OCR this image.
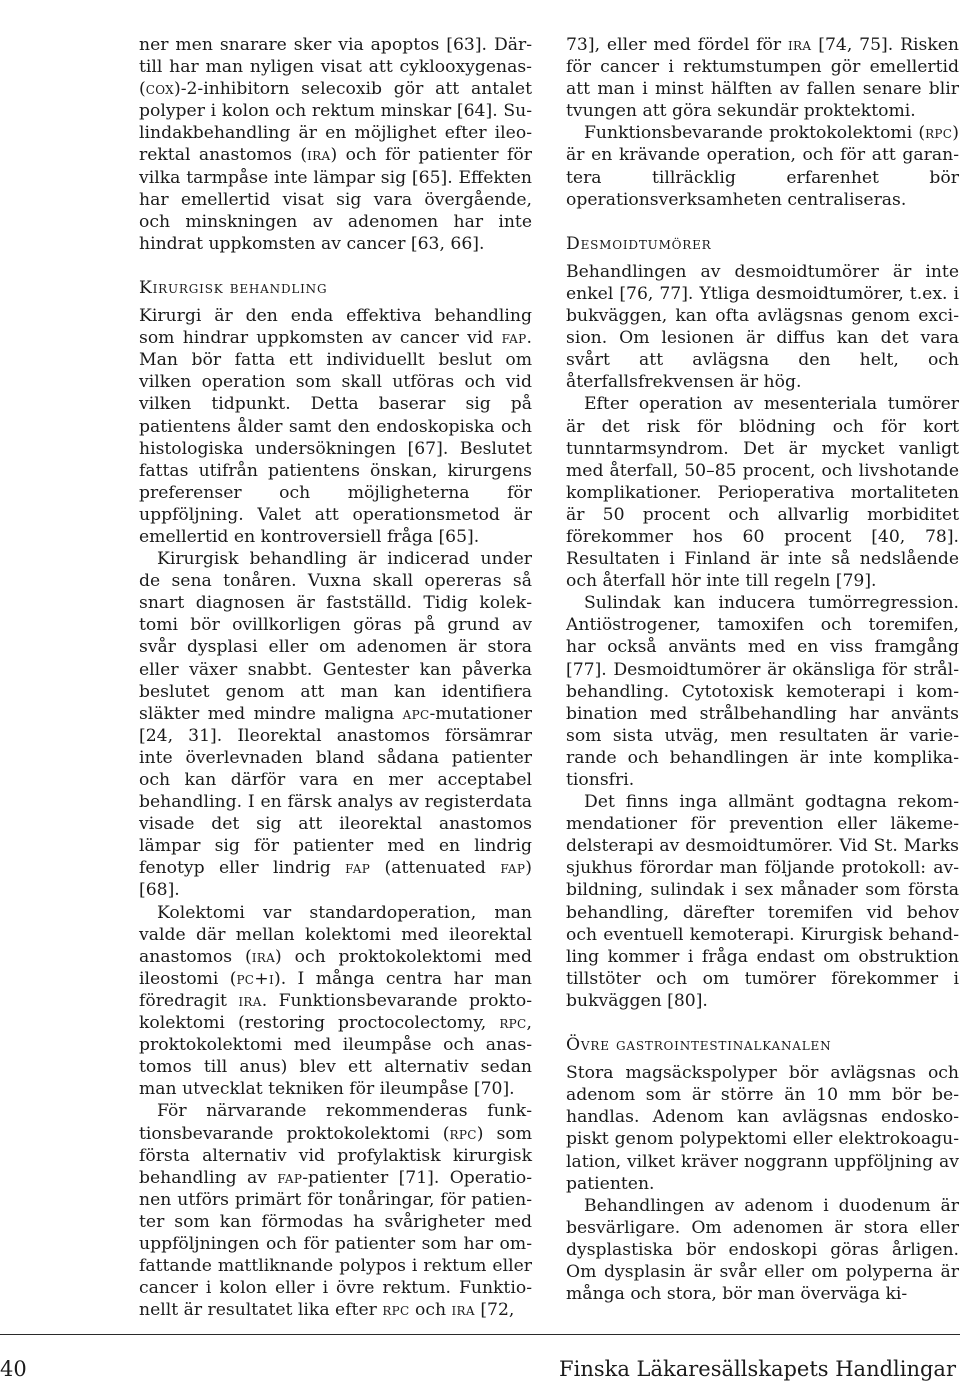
ner men snarare sker via apoptos [63]. Därtill har man nyligen visat att cyklooxygenas-(cox)-2-inhibitorn selecoxib gör att antalet polyper i kolon och rektum minskar [64]. Sulindakbehandling är en möjlighet efter ileorektal anastomos (ira) och för patienter för vilka tarmpåse inte lämpar sig [65]. Effekten har emellertid visat sig vara övergående, och minskningen av adenomen har inte hindrat uppkomsten av cancer [63, 66].

Kirurgisk behandling

Kirurgi är den enda effektiva behandling som hindrar uppkomsten av cancer vid fap. Man bör fatta ett individuellt beslut om vilken operation som skall utföras och vid vilken tidpunkt. Detta baserar sig på patientens ålder samt den endoskopiska och histologiska undersökningen [67]. Beslutet fattas utifrån patientens önskan, kirurgens preferenser och möjligheterna för uppföljning. Valet att operationsmetod är emellertid en kontroversiell fråga [65].

Kirurgisk behandling är indicerad under de sena tonåren. Vuxna skall opereras så snart diagnosen är fastställd. Tidig kolektomi bör ovillkorligen göras på grund av svår dysplasi eller om adenomen är stora eller växer snabbt. Gentester kan påverka beslutet genom att man kan identifiera släkter med mindre maligna apc-mutationer [24, 31]. Ileorektal anastomos försämrar inte överlevnaden bland sådana patienter och kan därför vara en mer acceptabel behandling. I en färsk analys av registerdata visade det sig att ileorektal anastomos lämpar sig för patienter med en lindrig fenotyp eller lindrig fap (attenuated fap) [68].

Kolektomi var standardoperation, man valde där mellan kolektomi med ileorektal anastomos (ira) och proktokolektomi med ileostomi (pc+i). I många centra har man föredragit ira. Funktionsbevarande proktokolektomi (restoring proctocolectomy, rpc, proktokolektomi med ileumpåse och anastomos till anus) blev ett alternativ sedan man utvecklat tekniken för ileumpåse [70].

För närvarande rekommenderas funktionsbevarande proktokolektomi (rpc) som första alternativ vid profylaktisk kirurgisk behandling av fap-patienter [71]. Operationen utförs primärt för tonåringar, för patienter som kan förmodas ha svårigheter med uppföljningen och för patienter som har omfattande mattliknande polypos i rektum eller cancer i kolon eller i övre rektum. Funktionellt är resultatet lika efter rpc och ira [72,

73], eller med fördel för ira [74, 75]. Risken för cancer i rektumstumpen gör emellertid att man i minst hälften av fallen senare blir tvungen att göra sekundär proktektomi.

Funktionsbevarande proktokolektomi (rpc) är en krävande operation, och för att garantera tillräcklig erfarenhet bör operationsverksamheten centraliseras.

Desmoidtumörer

Behandlingen av desmoidtumörer är inte enkel [76, 77]. Ytliga desmoidtumörer, t.ex. i bukväggen, kan ofta avlägsnas genom excision. Om lesionen är diffus kan det vara svårt att avlägsna den helt, och återfallsfrekvensen är hög.

Efter operation av mesenteriala tumörer är det risk för blödning och för kort tunntarmsyndrom. Det är mycket vanligt med återfall, 50–85 procent, och livshotande komplikationer. Perioperativa mortaliteten är 50 procent och allvarlig morbiditet förekommer hos 60 procent [40, 78]. Resultaten i Finland är inte så nedslående och återfall hör inte till regeln [79].

Sulindak kan inducera tumörregression. Antiöstrogener, tamoxifen och toremifen, har också använts med en viss framgång [77]. Desmoidtumörer är okänsliga för strålbehandling. Cytotoxisk kemoterapi i kombination med strålbehandling har använts som sista utväg, men resultaten är varierande och behandlingen är inte komplikationsfri.

Det finns inga allmänt godtagna rekommendationer för prevention eller läkemedelsterapi av desmoidtumörer. Vid St. Marks sjukhus förordar man följande protokoll: avbildning, sulindak i sex månader som första behandling, därefter toremifen vid behov och eventuell kemoterapi. Kirurgisk behandling kommer i fråga endast om obstruktion tillstöter och om tumörer förekommer i bukväggen [80].

Övre gastrointestinalkanalen

Stora magsäckspolyper bör avlägsnas och adenom som är större än 10 mm bör behandlas. Adenom kan avlägsnas endoskopiskt genom polypektomi eller elektrokoagulation, vilket kräver noggrann uppföljning av patienten.

Behandlingen av adenom i duodenum är besvärligare. Om adenomen är stora eller dysplastiska bör endoskopi göras årligen. Om dysplasin är svår eller om polyperna är många och stora, bör man överväga ki-

40	Finska Läkaresällskapets Handlingar
